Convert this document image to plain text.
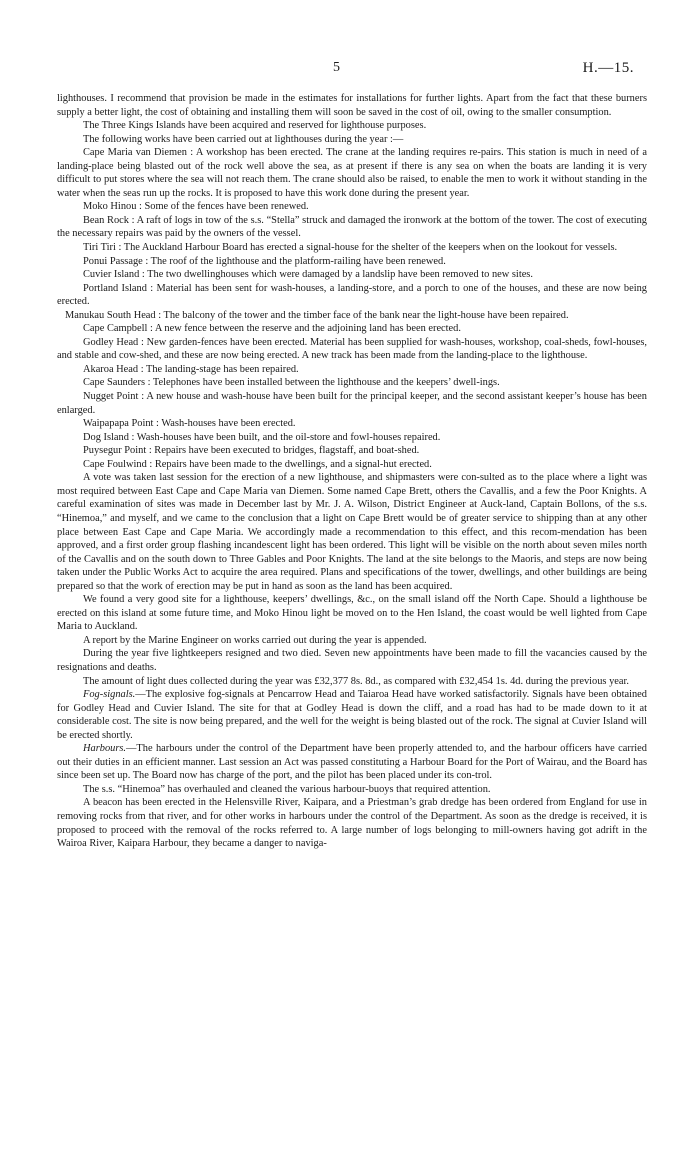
5	H.—15.

lighthouses. I recommend that provision be made in the estimates for installations for further lights. Apart from the fact that these burners supply a better light, the cost of obtaining and installing them will soon be saved in the cost of oil, owing to the smaller consumption.

The Three Kings Islands have been acquired and reserved for lighthouse purposes.

The following works have been carried out at lighthouses during the year :—

Cape Maria van Diemen : A workshop has been erected. The crane at the landing requires re-pairs. This station is much in need of a landing-place being blasted out of the rock well above the sea, as at present if there is any sea on when the boats are landing it is very difficult to put stores where the sea will not reach them. The crane should also be raised, to enable the men to work it without standing in the water when the seas run up the rocks. It is proposed to have this work done during the present year.

Moko Hinou : Some of the fences have been renewed.

Bean Rock : A raft of logs in tow of the s.s. “Stella” struck and damaged the ironwork at the bottom of the tower. The cost of executing the necessary repairs was paid by the owners of the vessel.

Tiri Tiri : The Auckland Harbour Board has erected a signal-house for the shelter of the keepers when on the lookout for vessels.

Ponui Passage : The roof of the lighthouse and the platform-railing have been renewed.

Cuvier Island : The two dwellinghouses which were damaged by a landslip have been removed to new sites.

Portland Island : Material has been sent for wash-houses, a landing-store, and a porch to one of the houses, and these are now being erected.

Manukau South Head : The balcony of the tower and the timber face of the bank near the light-house have been repaired.

Cape Campbell : A new fence between the reserve and the adjoining land has been erected.

Godley Head : New garden-fences have been erected. Material has been supplied for wash-houses, workshop, coal-sheds, fowl-houses, and stable and cow-shed, and these are now being erected. A new track has been made from the landing-place to the lighthouse.

Akaroa Head : The landing-stage has been repaired.

Cape Saunders : Telephones have been installed between the lighthouse and the keepers’ dwell-ings.

Nugget Point : A new house and wash-house have been built for the principal keeper, and the second assistant keeper’s house has been enlarged.

Waipapapa Point : Wash-houses have been erected.

Dog Island : Wash-houses have been built, and the oil-store and fowl-houses repaired.

Puysegur Point : Repairs have been executed to bridges, flagstaff, and boat-shed.

Cape Foulwind : Repairs have been made to the dwellings, and a signal-hut erected.

A vote was taken last session for the erection of a new lighthouse, and shipmasters were con-sulted as to the place where a light was most required between East Cape and Cape Maria van Diemen. Some named Cape Brett, others the Cavallis, and a few the Poor Knights. A careful examination of sites was made in December last by Mr. J. A. Wilson, District Engineer at Auck-land, Captain Bollons, of the s.s. “Hinemoa,” and myself, and we came to the conclusion that a light on Cape Brett would be of greater service to shipping than at any other place between East Cape and Cape Maria. We accordingly made a recommendation to this effect, and this recom-mendation has been approved, and a first order group flashing incandescent light has been ordered. This light will be visible on the north about seven miles north of the Cavallis and on the south down to Three Gables and Poor Knights. The land at the site belongs to the Maoris, and steps are now being taken under the Public Works Act to acquire the area required. Plans and specifications of the tower, dwellings, and other buildings are being prepared so that the work of erection may be put in hand as soon as the land has been acquired.

We found a very good site for a lighthouse, keepers’ dwellings, &c., on the small island off the North Cape. Should a lighthouse be erected on this island at some future time, and Moko Hinou light be moved on to the Hen Island, the coast would be well lighted from Cape Maria to Auckland.

A report by the Marine Engineer on works carried out during the year is appended.

During the year five lightkeepers resigned and two died. Seven new appointments have been made to fill the vacancies caused by the resignations and deaths.

The amount of light dues collected during the year was £32,377 8s. 8d., as compared with £32,454 1s. 4d. during the previous year.

Fog-signals.—The explosive fog-signals at Pencarrow Head and Taiaroa Head have worked satisfactorily. Signals have been obtained for Godley Head and Cuvier Island. The site for that at Godley Head is down the cliff, and a road has had to be made down to it at considerable cost. The site is now being prepared, and the well for the weight is being blasted out of the rock. The signal at Cuvier Island will be erected shortly.

Harbours.—The harbours under the control of the Department have been properly attended to, and the harbour officers have carried out their duties in an efficient manner. Last session an Act was passed constituting a Harbour Board for the Port of Wairau, and the Board has since been set up. The Board now has charge of the port, and the pilot has been placed under its con-trol.

The s.s. “Hinemoa” has overhauled and cleaned the various harbour-buoys that required attention.

A beacon has been erected in the Helensville River, Kaipara, and a Priestman’s grab dredge has been ordered from England for use in removing rocks from that river, and for other works in harbours under the control of the Department. As soon as the dredge is received, it is proposed to proceed with the removal of the rocks referred to. A large number of logs belonging to mill-owners having got adrift in the Wairoa River, Kaipara Harbour, they became a danger to naviga-
